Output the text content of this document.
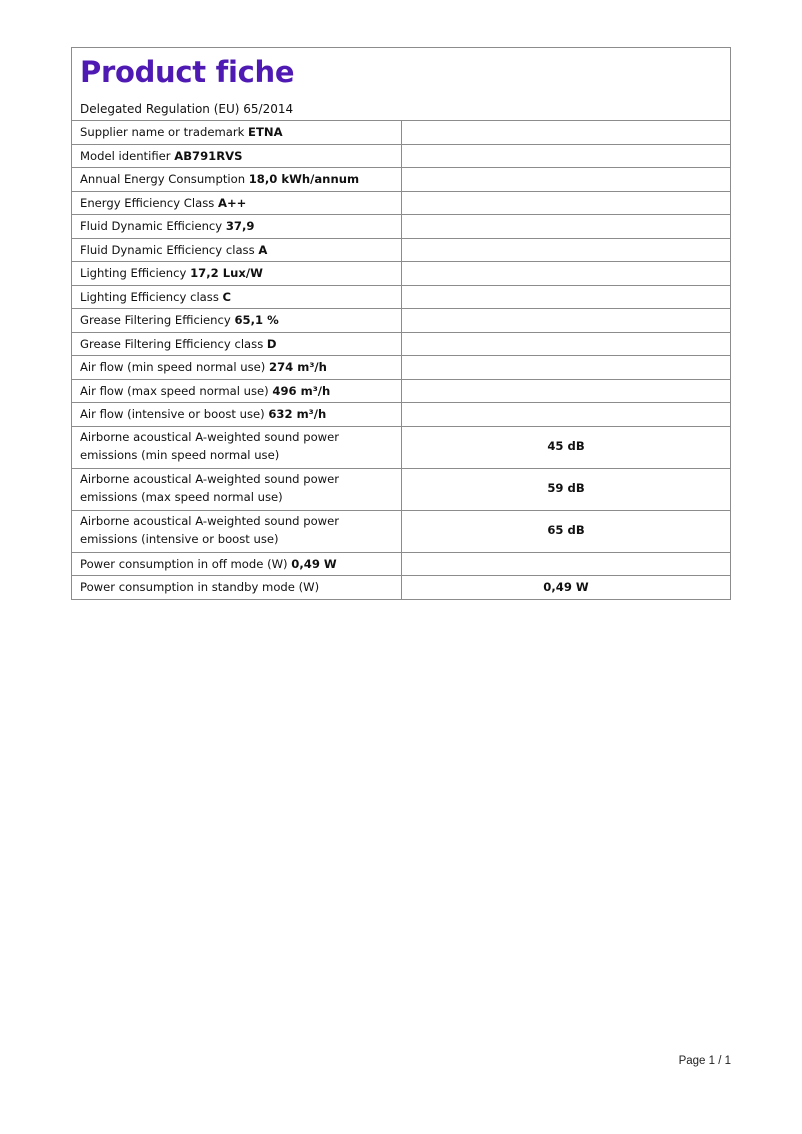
Product fiche
Delegated Regulation (EU) 65/2014
Supplier name or trademark ETNA	
Model identifier AB791RVS	
Annual Energy Consumption 18,0 kWh/annum	
Energy Efficiency Class A++	
Fluid Dynamic Efficiency 37,9	
Fluid Dynamic Efficiency class A	
Lighting Efficiency 17,2 Lux/W	
Lighting Efficiency class C	
Grease Filtering Efficiency 65,1 %	
Grease Filtering Efficiency class D	
Air flow (min speed normal use) 274 m³/h	
Air flow (max speed normal use) 496 m³/h	
Air flow (intensive or boost use) 632 m³/h	
Airborne acoustical A-weighted sound power emissions (min speed normal use)	45 dB
Airborne acoustical A-weighted sound power emissions (max speed normal use)	59 dB
Airborne acoustical A-weighted sound power emissions (intensive or boost use)	65 dB
Power consumption in off mode (W) 0,49 W	
Power consumption in standby mode (W)	0,49 W
Page 1 / 1
